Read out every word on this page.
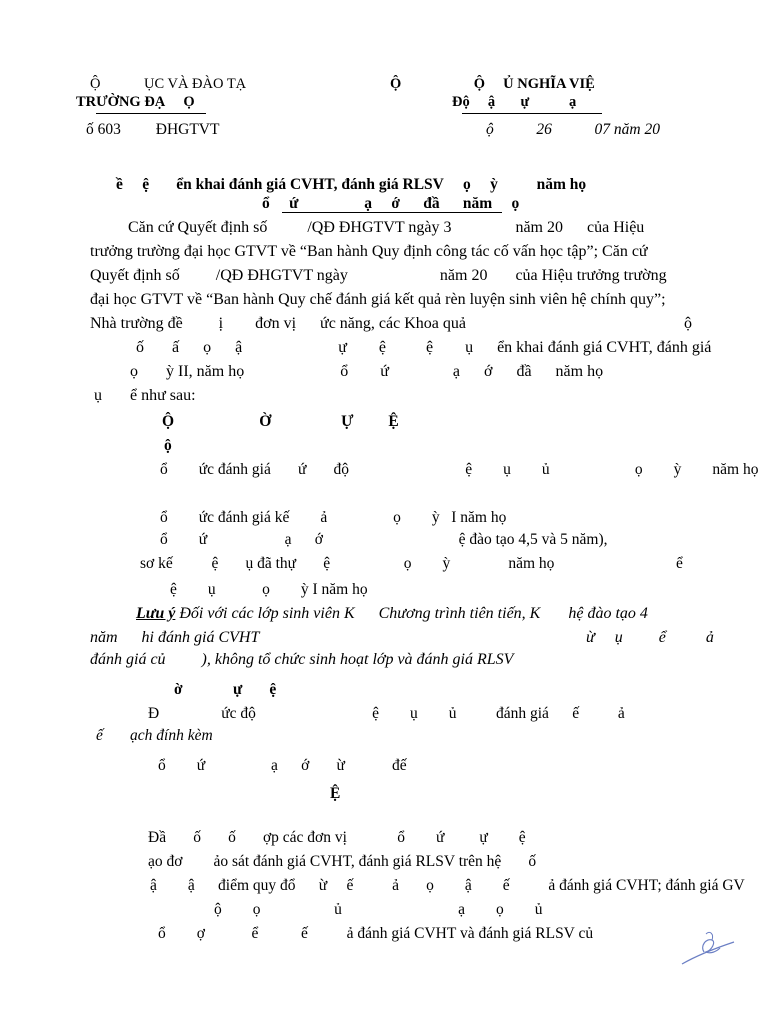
Ộ            ỤC VÀ ĐÀO TẠ
TRƯỜNG ĐẠ     Ọ
Ộ                    Ộ     Ủ NGHĨA VIỆ
Độ     ậ       ự           ạ
ố 603         ĐHGTVT	ộ           26           07 năm 20
ề     ệ       ển khai đánh giá CVHT, đánh giá RLSV     ọ     ỳ          năm họ
ổ     ứ                 ạ     ớ      đầ      năm     ọ
Căn cứ Quyết định số          /QĐ ĐHGTVT ngày 3                năm 20      của Hiệu
trưởng trường đại học GTVT về “Ban hành Quy định công tác cố vấn học tập”; Căn cứ
Quyết định số         /QĐ ĐHGTVT ngày                       năm 20       của Hiệu trưởng trường
đại học GTVT về “Ban hành Quy chế đánh giá kết quả rèn luyện sinh viên hệ chính quy”;
Nhà trường đề         ị        đơn vị      ức năng, các Khoa quả	ộ
ố       ấ      ọ      ậ                        ự        ệ          ệ        ụ      ển khai đánh giá CVHT, đánh giá
ọ       ỳ II, năm họ                        ổ        ứ                ạ      ớ      đầ      năm họ
ụ       ể như sau:
Ộ                      Ờ                  Ự         Ệ
ộ
ổ        ức đánh giá       ứ       độ                              ệ        ụ        ủ                      ọ        ỳ        năm họ
ổ        ức đánh giá kế        ả                 ọ        ỳ   I năm họ
ổ        ứ                    ạ      ớ                                   ệ đào tạo 4,5 và 5 năm),
sơ kế          ệ       ụ đã thự       ệ                   ọ        ỳ               năm họ	ể
ệ        ụ            ọ        ỳ I năm họ
Lưu ý Đối với các lớp sinh viên K      Chương trình tiên tiến, K       hệ đào tạo 4
năm      hi đánh giá CVHT	ừ     ụ         ể          ả
đánh giá củ         ), không tổ chức sinh hoạt lớp và đánh giá RLSV
ờ             ự       ệ
Đ                ức độ                              ệ        ụ        ủ	đánh giá      ế          ả
ế       ạch đính kèm
ổ        ứ                 ạ      ớ       ừ	đế
Ệ
Đầ       ố       ố       ợp các đơn vị             ổ        ứ         ự        ệ
ạo đơ        ảo sát đánh giá CVHT, đánh giá RLSV trên hệ       ố
ậ        ậ      điểm quy đổ      ừ     ế          ả       ọ        ậ        ế          ả đánh giá CVHT; đánh giá GV
ộ        ọ                   ủ                              ạ        ọ        ủ
ổ        ợ            ể           ế          ả đánh giá CVHT và đánh giá RLSV củ
